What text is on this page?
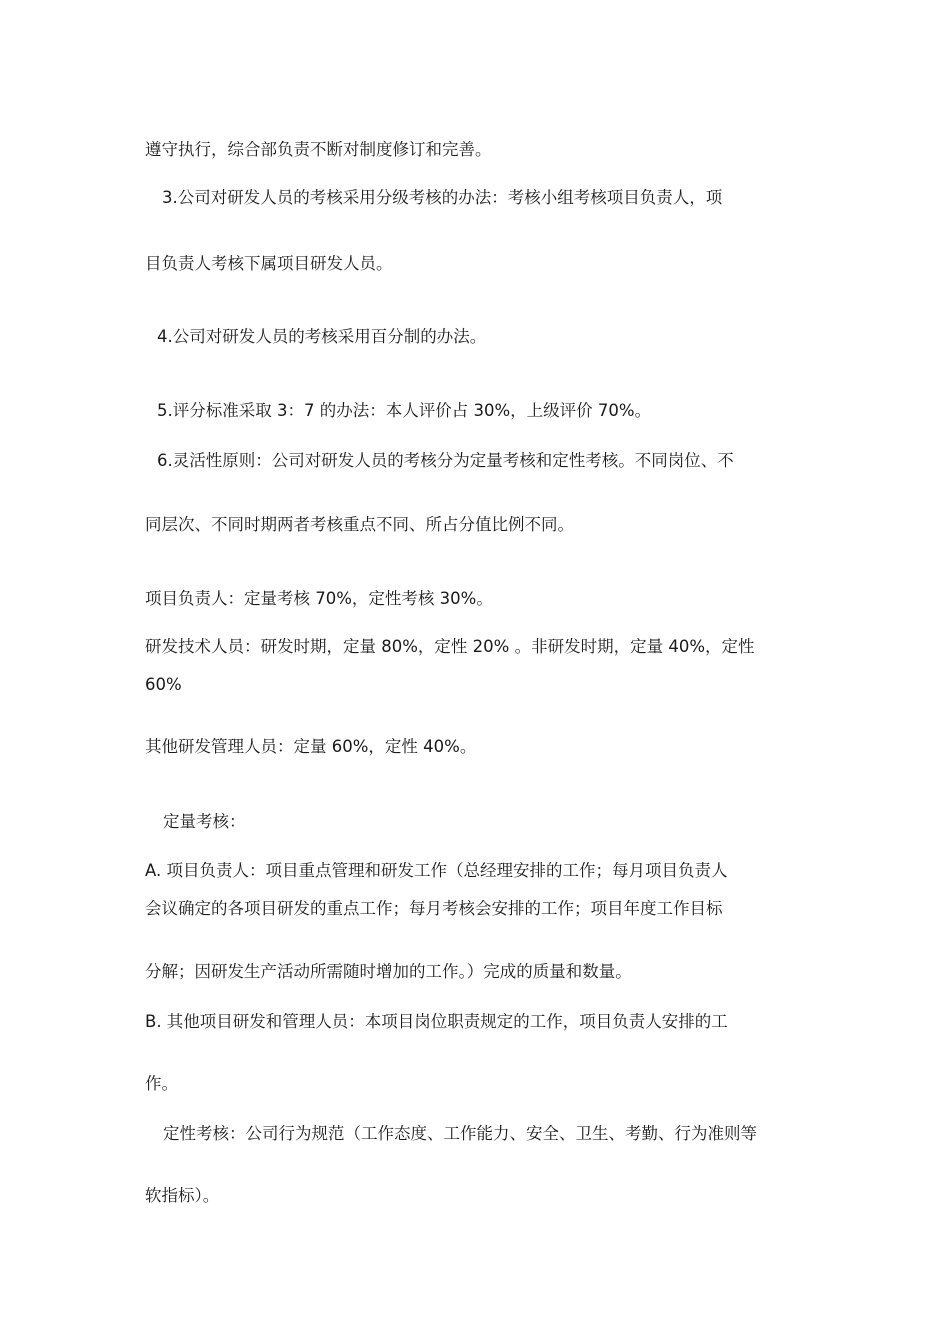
遵守执行，综合部负责不断对制度修订和完善。
3.公司对研发人员的考核采用分级考核的办法：考核小组考核项目负责人，项
目负责人考核下属项目研发人员。
4.公司对研发人员的考核采用百分制的办法。
5.评分标准采取 3：7 的办法：本人评价占 30%，上级评价 70%。
6.灵活性原则：公司对研发人员的考核分为定量考核和定性考核。不同岗位、不
同层次、不同时期两者考核重点不同、所占分值比例不同。
项目负责人：定量考核 70%，定性考核 30%。
研发技术人员：研发时期，定量 80%，定性 20% 。非研发时期，定量 40%，定性
60%
其他研发管理人员：定量 60%，定性 40%。
定量考核：
A. 项目负责人：项目重点管理和研发工作（总经理安排的工作；每月项目负责人
会议确定的各项目研发的重点工作；每月考核会安排的工作；项目年度工作目标
分解；因研发生产活动所需随时增加的工作。）完成的质量和数量。
B. 其他项目研发和管理人员：本项目岗位职责规定的工作，项目负责人安排的工
作。
定性考核：公司行为规范（工作态度、工作能力、安全、卫生、考勤、行为准则等
软指标）。
